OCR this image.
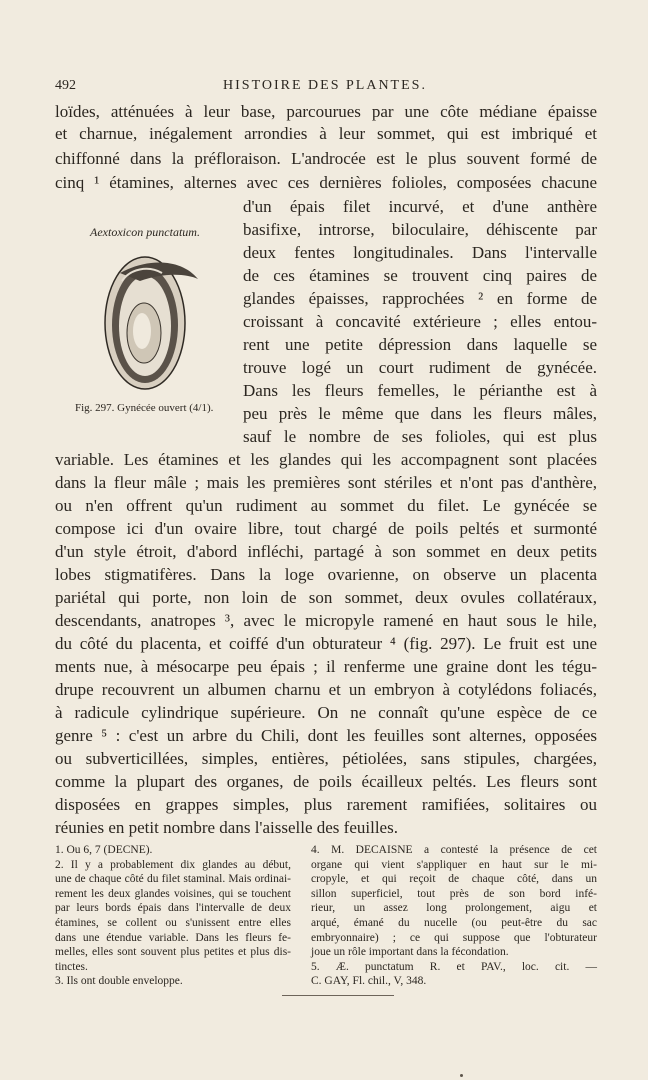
492	HISTOIRE DES PLANTES.
loïdes, atténuées à leur base, parcourues par une côte médiane épaisse
et charnue, inégalement arrondies à leur sommet, qui est imbriqué et
chiffonné dans la préfloraison. L'androcée est le plus souvent formé de
cinq ¹ étamines, alternes avec ces dernières folioles, composées chacune
Aextoxicon punctatum.
Fig. 297. Gynécée ouvert (4/1).
d'un épais filet incurvé, et d'une anthère
basifixe, introrse, biloculaire, déhiscente par
deux fentes longitudinales. Dans l'intervalle
de ces étamines se trouvent cinq paires de
glandes épaisses, rapprochées ² en forme de
croissant à concavité extérieure ; elles entou-
rent une petite dépression dans laquelle se
trouve logé un court rudiment de gynécée.
Dans les fleurs femelles, le périanthe est à
peu près le même que dans les fleurs mâles,
sauf le nombre de ses folioles, qui est plus
variable. Les étamines et les glandes qui les accompagnent sont placées
dans la fleur mâle ; mais les premières sont stériles et n'ont pas d'anthère,
ou n'en offrent qu'un rudiment au sommet du filet. Le gynécée se
compose ici d'un ovaire libre, tout chargé de poils peltés et surmonté
d'un style étroit, d'abord infléchi, partagé à son sommet en deux petits
lobes stigmatifères. Dans la loge ovarienne, on observe un placenta
pariétal qui porte, non loin de son sommet, deux ovules collatéraux,
descendants, anatropes ³, avec le micropyle ramené en haut sous le hile,
du côté du placenta, et coiffé d'un obturateur ⁴ (fig. 297). Le fruit est une
ments nue, à mésocarpe peu épais ; il renferme une graine dont les tégu-
drupe recouvrent un albumen charnu et un embryon à cotylédons foliacés,
à radicule cylindrique supérieure. On ne connaît qu'une espèce de ce
genre ⁵ : c'est un arbre du Chili, dont les feuilles sont alternes, opposées
ou subverticillées, simples, entières, pétiolées, sans stipules, chargées,
comme la plupart des organes, de poils écailleux peltés. Les fleurs sont
disposées en grappes simples, plus rarement ramifiées, solitaires ou
réunies en petit nombre dans l'aisselle des feuilles.
1. Ou 6, 7 (DECNE).
2. Il y a probablement dix glandes au début,
une de chaque côté du filet staminal. Mais ordinai-
rement les deux glandes voisines, qui se touchent
par leurs bords épais dans l'intervalle de deux
étamines, se collent ou s'unissent entre elles
dans une étendue variable. Dans les fleurs fe-
melles, elles sont souvent plus petites et plus dis-
tinctes.
3. Ils ont double enveloppe.
4. M. DECAISNE a contesté la présence de cet
organe qui vient s'appliquer en haut sur le mi-
cropyle, et qui reçoit de chaque côté, dans un
sillon superficiel, tout près de son bord infé-
rieur, un assez long prolongement, aigu et
arqué, émané du nucelle (ou peut-être du sac
embryonnaire) ; ce qui suppose que l'obturateur
joue un rôle important dans la fécondation.
5. Æ. punctatum R. et PAV., loc. cit. —
C. GAY, Fl. chil., V, 348.
